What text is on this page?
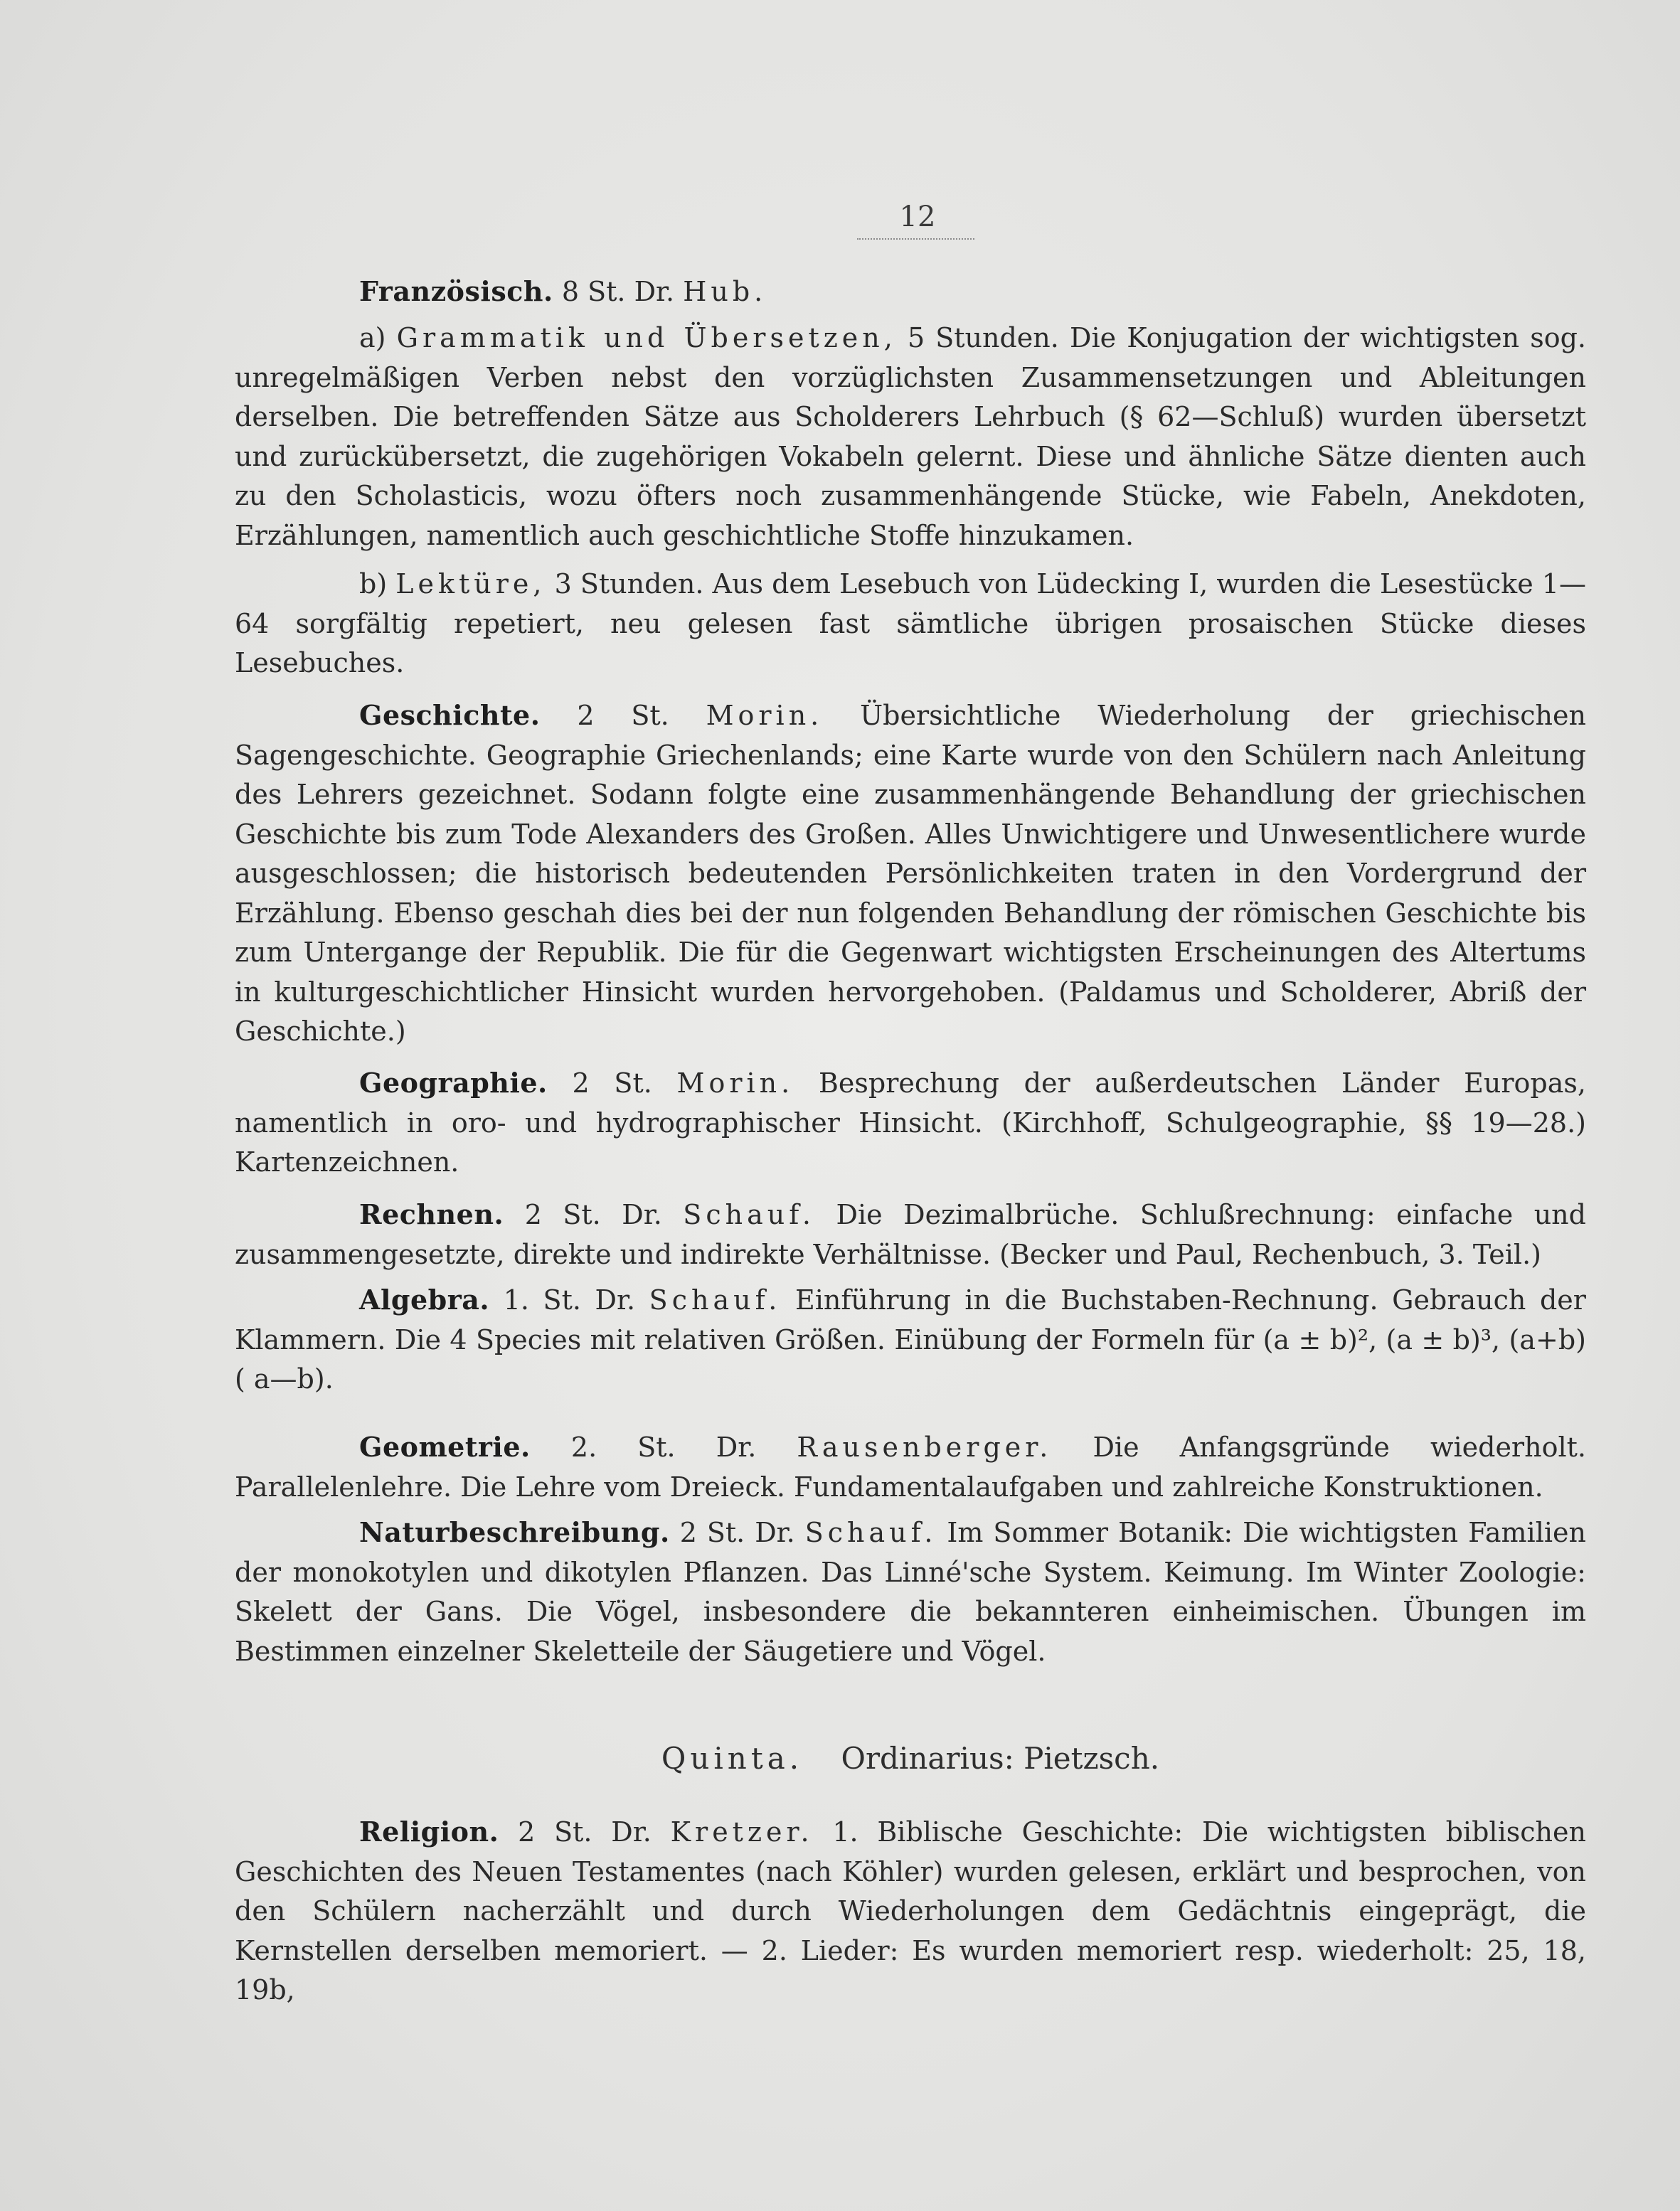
12

Französisch. 8 St. Dr. Hub.

a) Grammatik und Übersetzen, 5 Stunden. Die Konjugation der wichtigsten sog. unregelmäßigen Verben nebst den vorzüglichsten Zusammensetzungen und Ableitungen derselben. Die betreffenden Sätze aus Scholderers Lehrbuch (§ 62—Schluß) wurden übersetzt und zurückübersetzt, die zugehörigen Vokabeln gelernt. Diese und ähnliche Sätze dienten auch zu den Scholasticis, wozu öfters noch zusammenhängende Stücke, wie Fabeln, Anekdoten, Erzählungen, namentlich auch geschichtliche Stoffe hinzukamen.

b) Lektüre, 3 Stunden. Aus dem Lesebuch von Lüdecking I, wurden die Lesestücke 1—64 sorgfältig repetiert, neu gelesen fast sämtliche übrigen prosaischen Stücke dieses Lesebuches.

Geschichte. 2 St. Morin. Übersichtliche Wiederholung der griechischen Sagengeschichte. Geographie Griechenlands; eine Karte wurde von den Schülern nach Anleitung des Lehrers gezeichnet. Sodann folgte eine zusammenhängende Behandlung der griechischen Geschichte bis zum Tode Alexanders des Großen. Alles Unwichtigere und Unwesentlichere wurde ausgeschlossen; die historisch bedeutenden Persönlichkeiten traten in den Vordergrund der Erzählung. Ebenso geschah dies bei der nun folgenden Behandlung der römischen Geschichte bis zum Untergange der Republik. Die für die Gegenwart wichtigsten Erscheinungen des Altertums in kulturgeschichtlicher Hinsicht wurden hervorgehoben. (Paldamus und Scholderer, Abriß der Geschichte.)

Geographie. 2 St. Morin. Besprechung der außerdeutschen Länder Europas, namentlich in oro- und hydrographischer Hinsicht. (Kirchhoff, Schulgeographie, §§ 19—28.) Kartenzeichnen.

Rechnen. 2 St. Dr. Schauf. Die Dezimalbrüche. Schlußrechnung: einfache und zusammengesetzte, direkte und indirekte Verhältnisse. (Becker und Paul, Rechenbuch, 3. Teil.)

Algebra. 1. St. Dr. Schauf. Einführung in die Buchstaben-Rechnung. Gebrauch der Klammern. Die 4 Species mit relativen Größen. Einübung der Formeln für (a ± b)², (a ± b)³, (a+b) ( a—b).

Geometrie. 2. St. Dr. Rausenberger. Die Anfangsgründe wiederholt. Parallelenlehre. Die Lehre vom Dreieck. Fundamentalaufgaben und zahlreiche Konstruktionen.

Naturbeschreibung. 2 St. Dr. Schauf. Im Sommer Botanik: Die wichtigsten Familien der monokotylen und dikotylen Pflanzen. Das Linné'sche System. Keimung. Im Winter Zoologie: Skelett der Gans. Die Vögel, insbesondere die bekannteren einheimischen. Übungen im Bestimmen einzelner Skeletteile der Säugetiere und Vögel.

Quinta. Ordinarius: Pietzsch.

Religion. 2 St. Dr. Kretzer. 1. Biblische Geschichte: Die wichtigsten biblischen Geschichten des Neuen Testamentes (nach Köhler) wurden gelesen, erklärt und besprochen, von den Schülern nacherzählt und durch Wiederholungen dem Gedächtnis eingeprägt, die Kernstellen derselben memoriert. — 2. Lieder: Es wurden memoriert resp. wiederholt: 25, 18, 19b,
